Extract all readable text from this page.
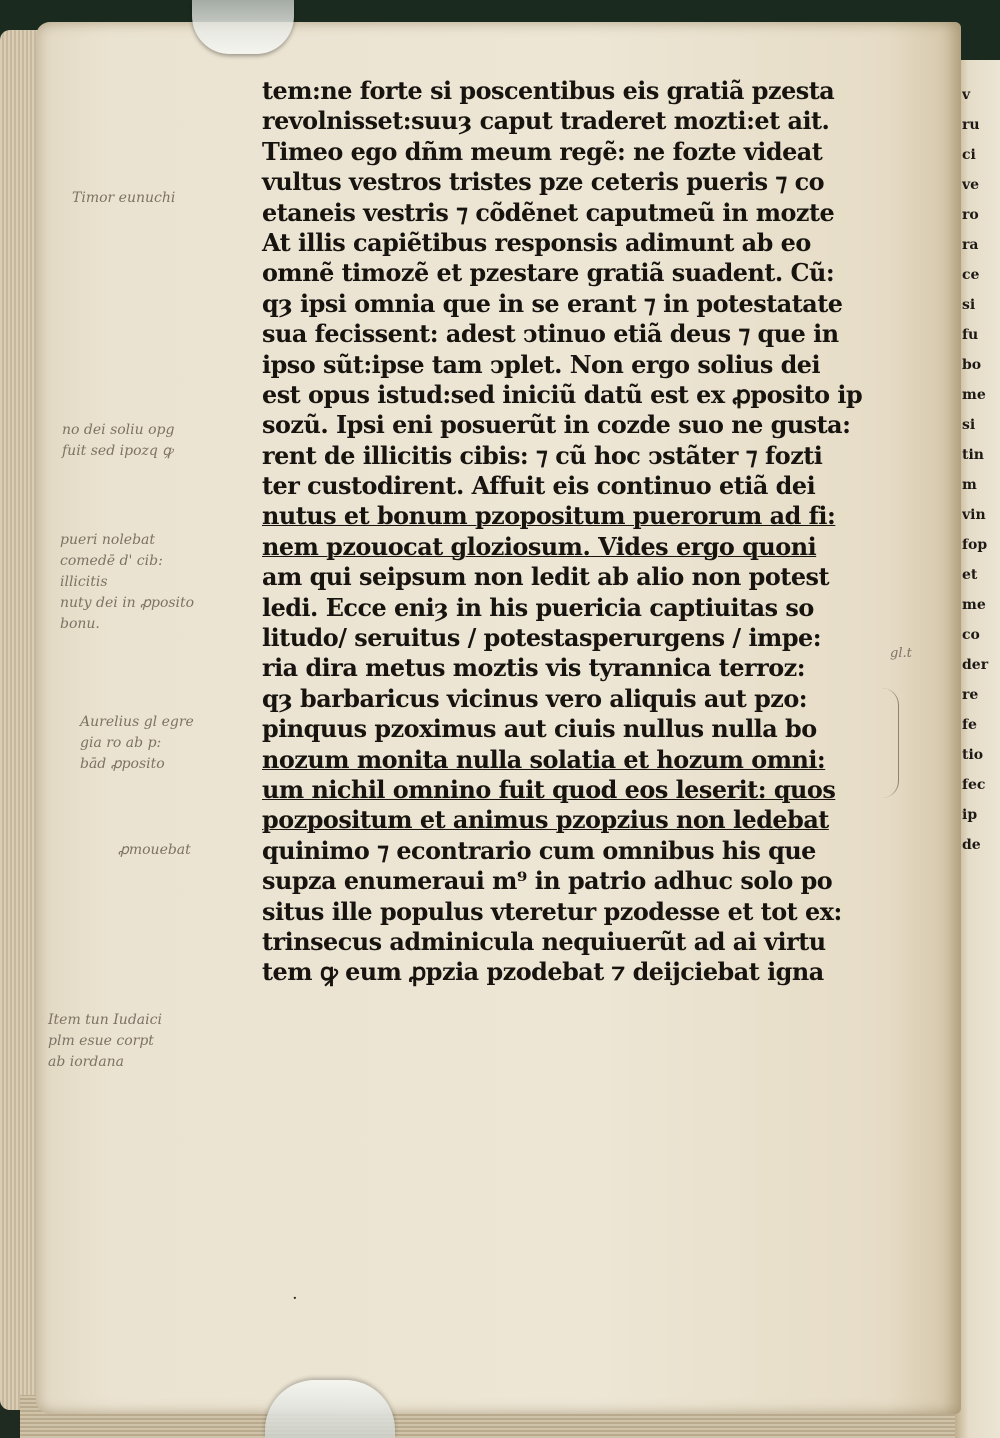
v
ru
ci
ve
ro
ra
ce
si
fu
bo
me
si
tin
m
vin
fop
et
me
co
der
re
fe
tio
fec
ip
de
tem:ne forte si poscentibus eis gratiã pzesta
revolnisset:suuȝ caput traderet mozti:et ait.
Timeo ego dñm meum regẽ: ne fozte videat
vultus vestros tristes pze ceteris pueris ⁊ co
etaneis vestris ⁊ cõdẽnet caputmeũ in mozte
At illis capiẽtibus responsis adimunt ab eo
omnẽ timozẽ et pzestare gratiã suadent. Cũ:
qȝ ipsi omnia que in se erant ⁊ in potestatate
sua fecissent: adest ↄtinuo etiã deus ⁊ que in
ipso sũt:ipse tam ↄplet. Non ergo solius dei
est opus istud:sed iniciũ datũ est ex ꝓposito ip
sozũ. Ipsi eni posuerũt in cozde suo ne gusta:
rent de illicitis cibis: ⁊ cũ hoc ↄstãter ⁊ fozti
ter custodirent. Affuit eis continuo etiã dei
nutus et bonum pzopositum puerorum ad fi:
nem pzouocat gloziosum. Vides ergo quoni
am qui seipsum non ledit ab alio non potest
ledi. Ecce eniȝ in his puericia captiuitas so
litudo/ seruitus / potestasperurgens / impe:
ria dira metus moztis vis tyrannica terroz:
qȝ barbaricus vicinus vero aliquis aut pzo:
pinquus pzoximus aut ciuis nullus nulla bo
nozum monita nulla solatia et hozum omni:
um nichil omnino fuit quod eos leserit: quos
pozpositum et animus pzopzius non ledebat
quinimo ⁊ econtrario cum omnibus his que
supza enumeraui m⁹ in patrio adhuc solo po
situs ille populus vteretur pzodesse et tot ex:
trinsecus adminicula nequiuerũt ad ai virtu
tem ꝙ eum ꝓpzia pzodebat ⁊ deijciebat igna
Timor eunuchi
no dei soliu opg
fuit sed ipozq ꝙ
pueri nolebat
comedē d' cib:
illicitis
nuty dei in ꝓposito
bonu.
Aurelius gl egre
gia ro ab p:
bād ꝓposito
ꝓmouebat
Item tun Iudaici
plm esue corpt
ab iordana
gl.t
·
